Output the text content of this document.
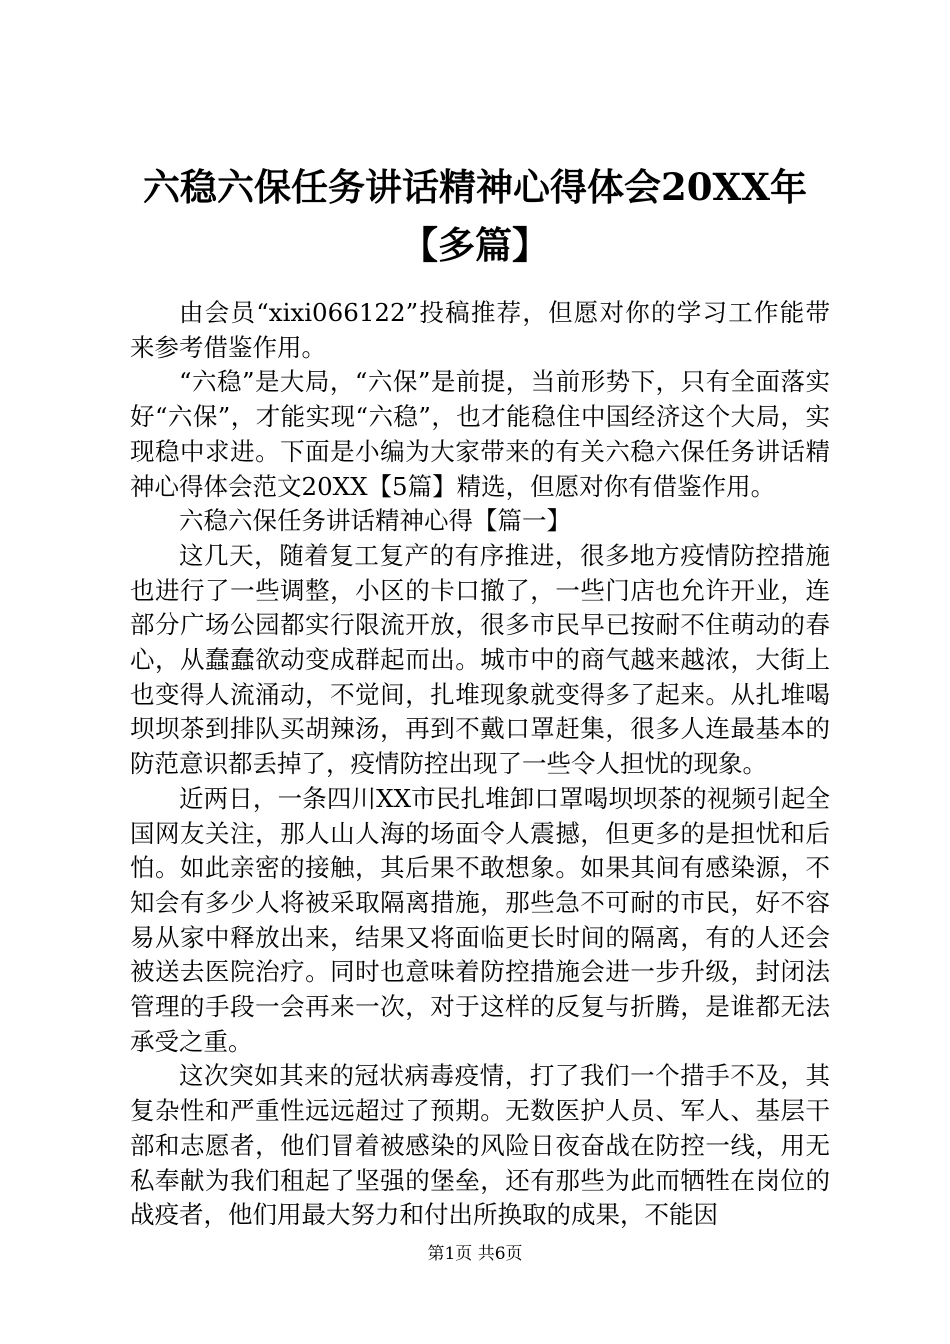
六稳六保任务讲话精神心得体会20XX年【多篇】

由会员“xixi066122”投稿推荐，但愿对你的学习工作能带来参考借鉴作用。

“六稳”是大局，“六保”是前提，当前形势下，只有全面落实好“六保”，才能实现“六稳”，也才能稳住中国经济这个大局，实现稳中求进。下面是小编为大家带来的有关六稳六保任务讲话精神心得体会范文20XX【5篇】精选，但愿对你有借鉴作用。

六稳六保任务讲话精神心得【篇一】

这几天，随着复工复产的有序推进，很多地方疫情防控措施也进行了一些调整，小区的卡口撤了，一些门店也允许开业，连部分广场公园都实行限流开放，很多市民早已按耐不住萌动的春心，从蠢蠢欲动变成群起而出。城市中的商气越来越浓，大街上也变得人流涌动，不觉间，扎堆现象就变得多了起来。从扎堆喝坝坝茶到排队买胡辣汤，再到不戴口罩赶集，很多人连最基本的防范意识都丢掉了，疫情防控出现了一些令人担忧的现象。

近两日，一条四川XX市民扎堆卸口罩喝坝坝茶的视频引起全国网友关注，那人山人海的场面令人震撼，但更多的是担忧和后怕。如此亲密的接触，其后果不敢想象。如果其间有感染源，不知会有多少人将被采取隔离措施，那些急不可耐的市民，好不容易从家中释放出来，结果又将面临更长时间的隔离，有的人还会被送去医院治疗。同时也意味着防控措施会进一步升级，封闭法管理的手段一会再来一次，对于这样的反复与折腾，是谁都无法承受之重。

这次突如其来的冠状病毒疫情，打了我们一个措手不及，其复杂性和严重性远远超过了预期。无数医护人员、军人、基层干部和志愿者，他们冒着被感染的风险日夜奋战在防控一线，用无私奉献为我们租起了坚强的堡垒，还有那些为此而牺牲在岗位的战疫者，他们用最大努力和付出所换取的成果，不能因

第1页 共6页
